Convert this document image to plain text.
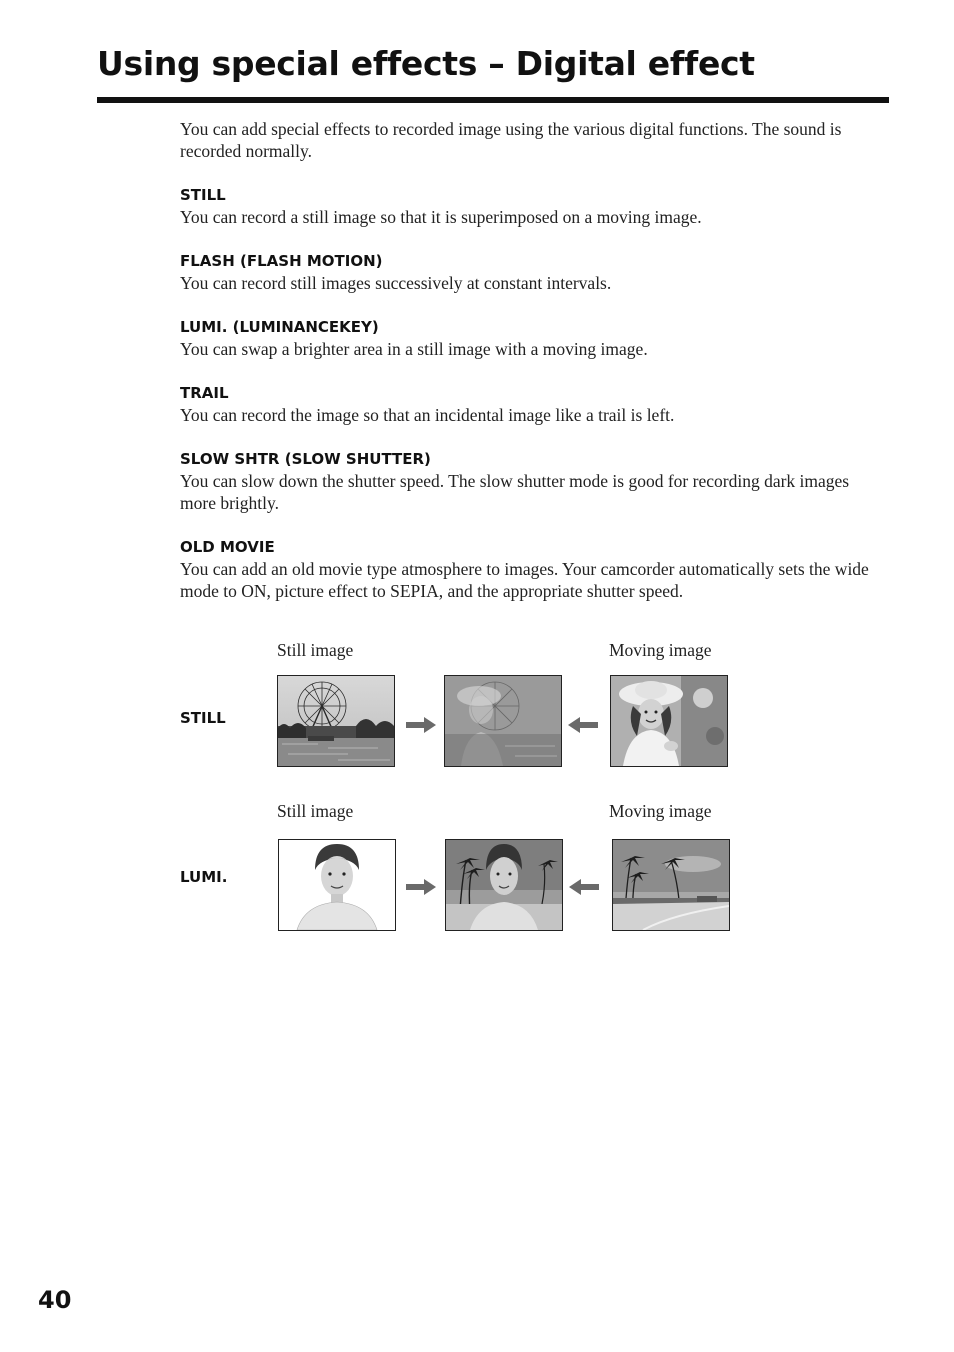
Using special effects – Digital effect

You can add special effects to recorded image using the various digital functions. The sound is recorded normally.

STILL

You can record a still image so that it is superimposed on a moving image.

FLASH (FLASH MOTION)

You can record still images successively at constant intervals.

LUMI. (LUMINANCEKEY)

You can swap a brighter area in a still image with a moving image.

TRAIL

You can record the image so that an incidental image like a trail is left.

SLOW SHTR (SLOW SHUTTER)

You can slow down the shutter speed. The slow shutter mode is good for recording dark images more brightly.

OLD MOVIE

You can add an old movie type atmosphere to images. Your camcorder automatically sets the wide mode to ON, picture effect to SEPIA, and the appropriate shutter speed.

Still image	Moving image
STILL
Still image	Moving image
LUMI.
40
